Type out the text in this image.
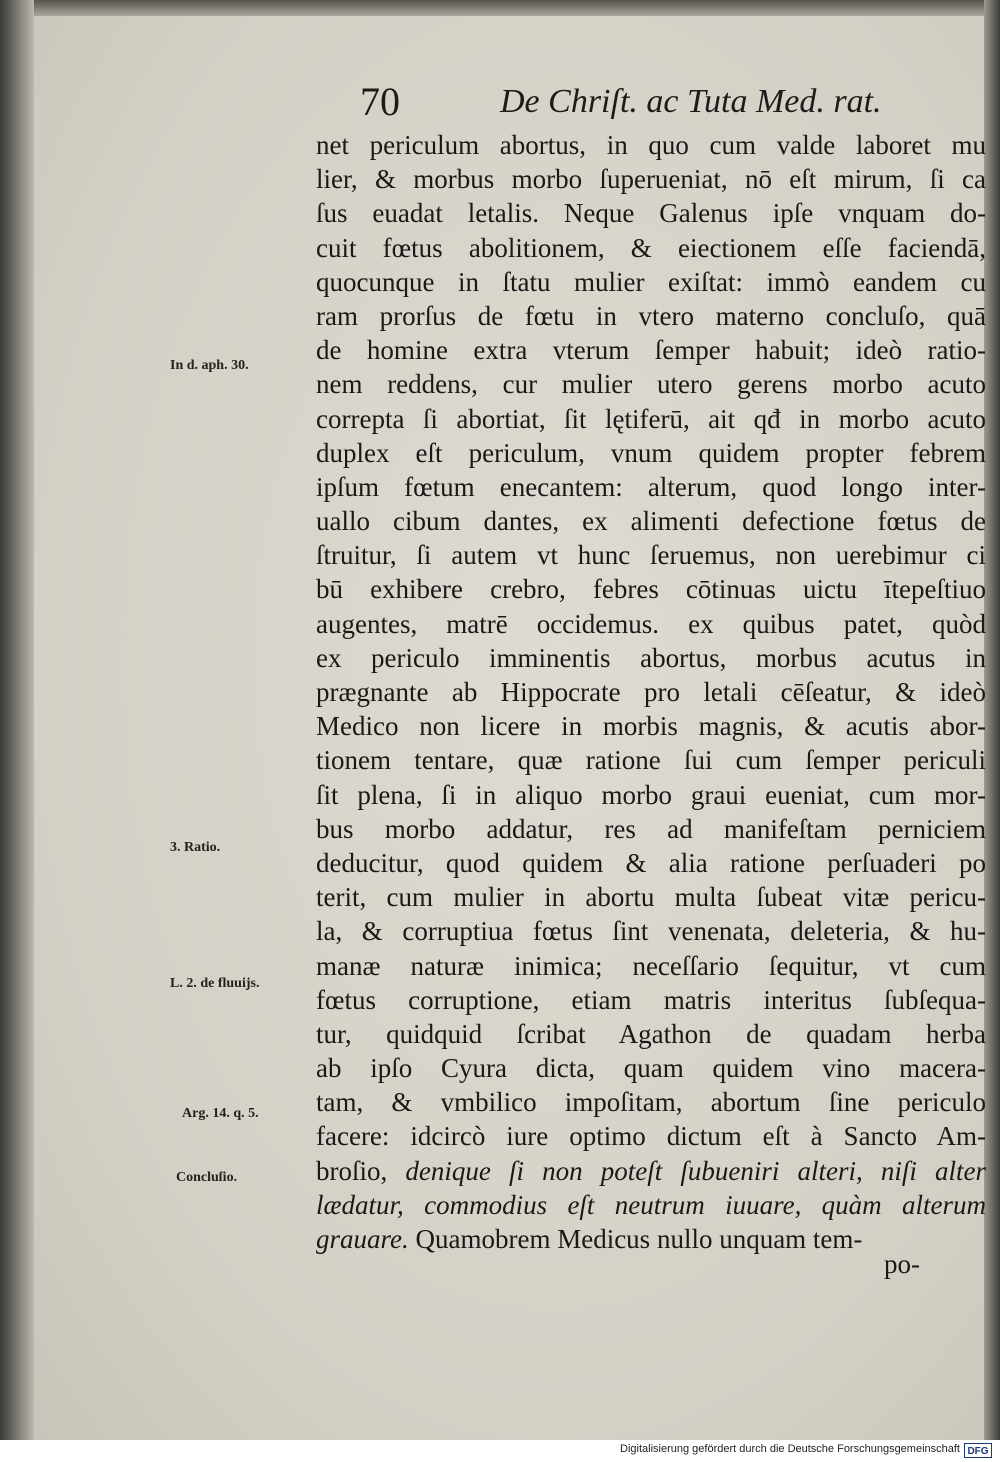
70	De Chriſt. ac Tuta Med. rat.
In d. aph. 30.
3. Ratio.
L. 2. de fluuijs.
Arg. 14. q. 5.
Concluſio.
net periculum abortus, in quo cum valde laboret mu
lier, & morbus morbo ſuperueniat, nō eſt mirum, ſi ca
ſus euadat letalis. Neque Galenus ipſe vnquam do-
cuit fœtus abolitionem, & eiectionem eſſe faciendā,
quocunque in ſtatu mulier exiſtat: immò eandem cu
ram prorſus de fœtu in vtero materno concluſo, quā
de homine extra vterum ſemper habuit; ideò ratio-
nem reddens, cur mulier utero gerens morbo acuto
correpta ſi abortiat, ſit lętiferū, ait qđ in morbo acuto
duplex eſt periculum, vnum quidem propter febrem
ipſum fœtum enecantem: alterum, quod longo inter-
uallo cibum dantes, ex alimenti defectione fœtus de
ſtruitur, ſi autem vt hunc ſeruemus, non uerebimur ci
bū exhibere crebro, febres cōtinuas uictu ītepeſtiuo
augentes, matrē occidemus. ex quibus patet, quòd
ex periculo imminentis abortus, morbus acutus in
prægnante ab Hippocrate pro letali cēſeatur, & ideò
Medico non licere in morbis magnis, & acutis abor-
tionem tentare, quæ ratione ſui cum ſemper periculi
ſit plena, ſi in aliquo morbo graui eueniat, cum mor-
bus morbo addatur, res ad manifeſtam perniciem
deducitur, quod quidem & alia ratione perſuaderi po
terit, cum mulier in abortu multa ſubeat vitæ pericu-
la, & corruptiua fœtus ſint venenata, deleteria, & hu-
manæ naturæ inimica; neceſſario ſequitur, vt cum
fœtus corruptione, etiam matris interitus ſubſequa-
tur, quidquid ſcribat Agathon de quadam herba
ab ipſo Cyura dicta, quam quidem vino macera-
tam, & vmbilico impoſitam, abortum ſine periculo
facere: idcircò iure optimo dictum eſt à Sancto Am-
broſio, denique ſi non poteſt ſubueniri alteri, niſi alter
lædatur, commodius eſt neutrum iuuare, quàm alterum
grauare. Quamobrem Medicus nullo unquam tem-
po-
Digitalisierung gefördert durch die Deutsche Forschungsgemeinschaft DFG
